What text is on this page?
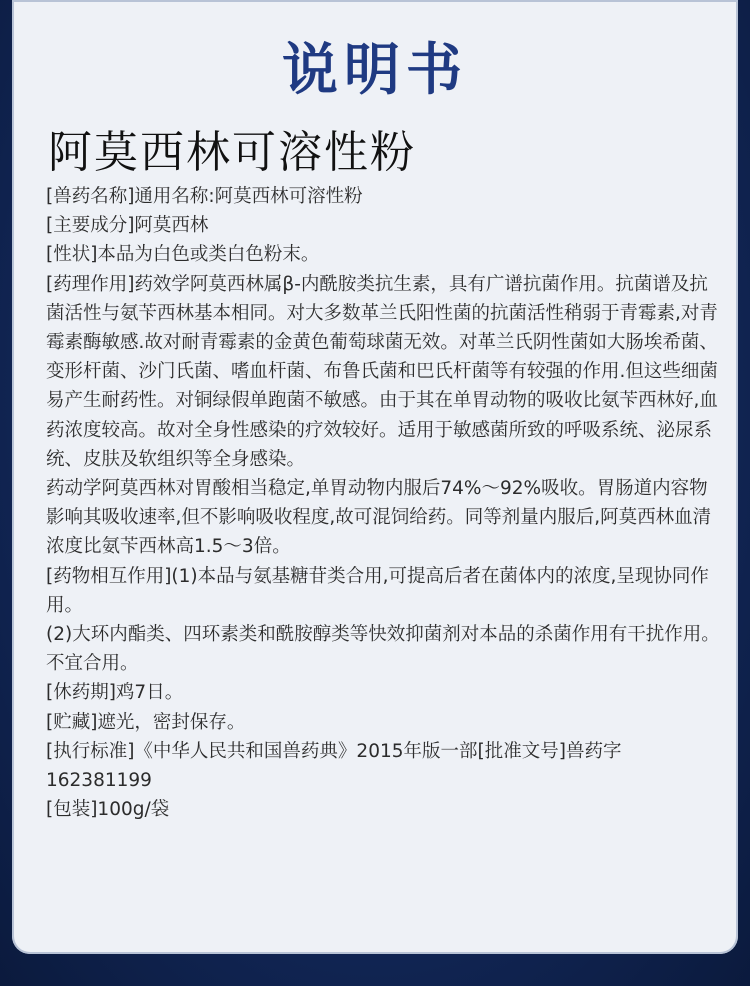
说明书
阿莫西林可溶性粉

[兽药名称]通用名称:阿莫西林可溶性粉

[主要成分]阿莫西林

[性状]本品为白色或类白色粉末。

[药理作用]药效学阿莫西林属β-内酰胺类抗生素，具有广谱抗菌作用。抗菌谱及抗菌活性与氨苄西林基本相同。对大多数革兰氏阳性菌的抗菌活性稍弱于青霉素,对青霉素酶敏感.故对耐青霉素的金黄色葡萄球菌无效。对革兰氏阴性菌如大肠埃希菌、变形杆菌、沙门氏菌、嗜血杆菌、布鲁氏菌和巴氏杆菌等有较强的作用.但这些细菌易产生耐药性。对铜绿假单跑菌不敏感。由于其在单胃动物的吸收比氨苄西林好,血药浓度较高。故对全身性感染的疗效较好。适用于敏感菌所致的呼吸系统、泌尿系统、皮肤及软组织等全身感染。

药动学阿莫西林对胃酸相当稳定,单胃动物内服后74%～92%吸收。胃肠道内容物影响其吸收速率,但不影响吸收程度,故可混饲给药。同等剂量内服后,阿莫西林血清浓度比氨苄西林高1.5～3倍。

[药物相互作用](1)本品与氨基糖苷类合用,可提高后者在菌体内的浓度,呈现协同作用。

(2)大环内酯类、四环素类和酰胺醇类等快效抑菌剂对本品的杀菌作用有干扰作用。不宜合用。

[休药期]鸡7日。

[贮藏]遮光，密封保存。

[执行标准]《中华人民共和国兽药典》2015年版一部[批准文号]兽药字162381199

[包装]100g/袋
